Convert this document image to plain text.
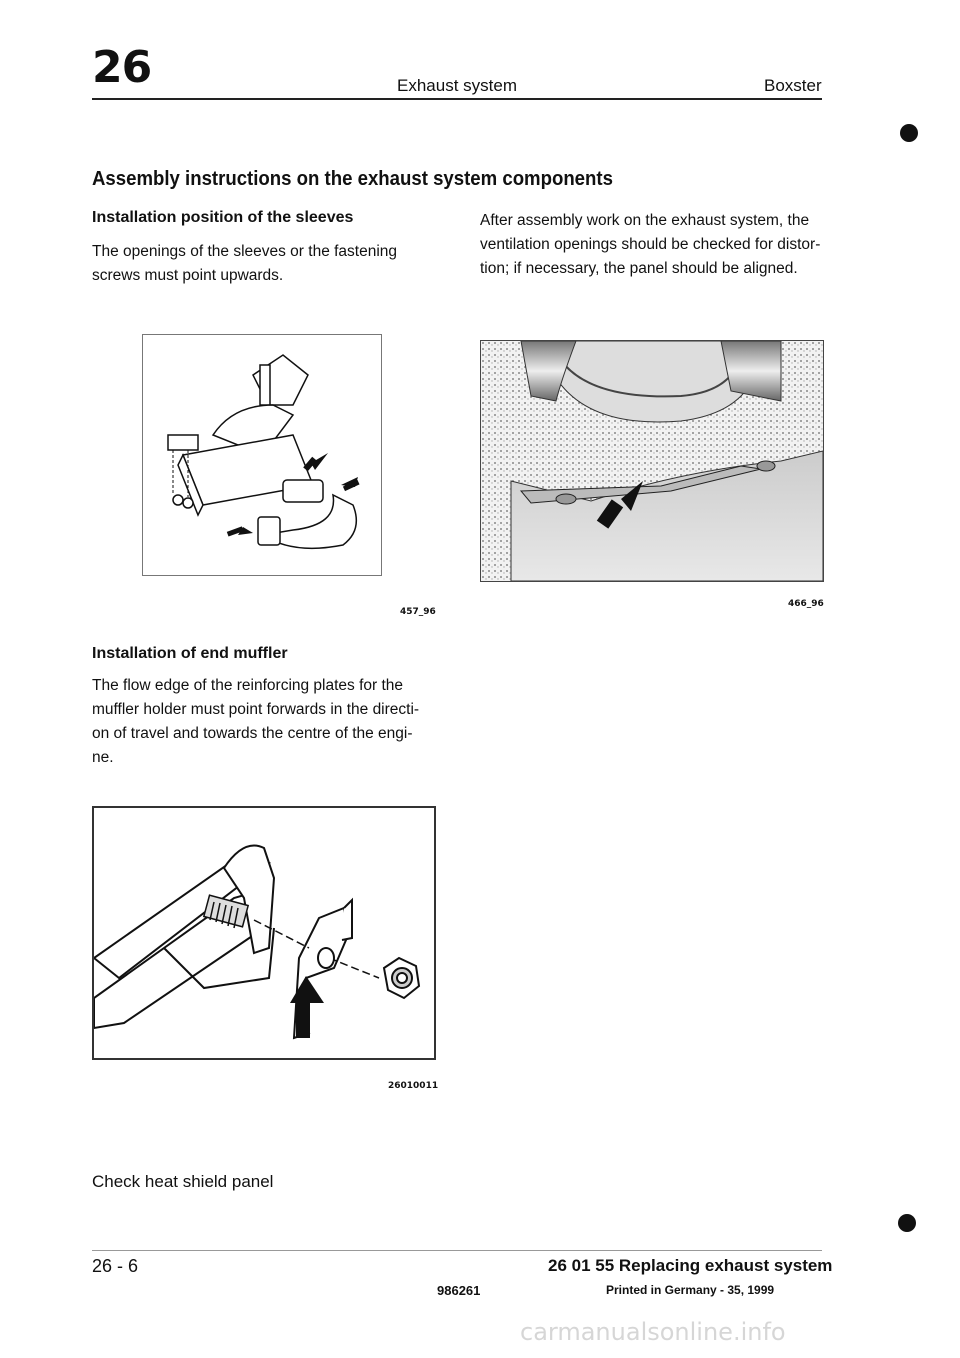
26	Exhaust system	Boxster
Assembly instructions on the exhaust system components
Installation position of the sleeves
The openings of the sleeves or the fastening
screws must point upwards.
After assembly work on the exhaust system, the
ventilation openings should be checked for distor-
tion; if necessary, the panel should be aligned.
457_96
466_96
Installation of end muffler
The flow edge of the reinforcing plates for the
muffler holder must point forwards in the directi-
on of travel and towards the centre of the engi-
ne.
26010011
Check heat shield panel
26 - 6	26 01 55 Replacing exhaust system
986261	Printed in Germany - 35, 1999
carmanualsonline.info
